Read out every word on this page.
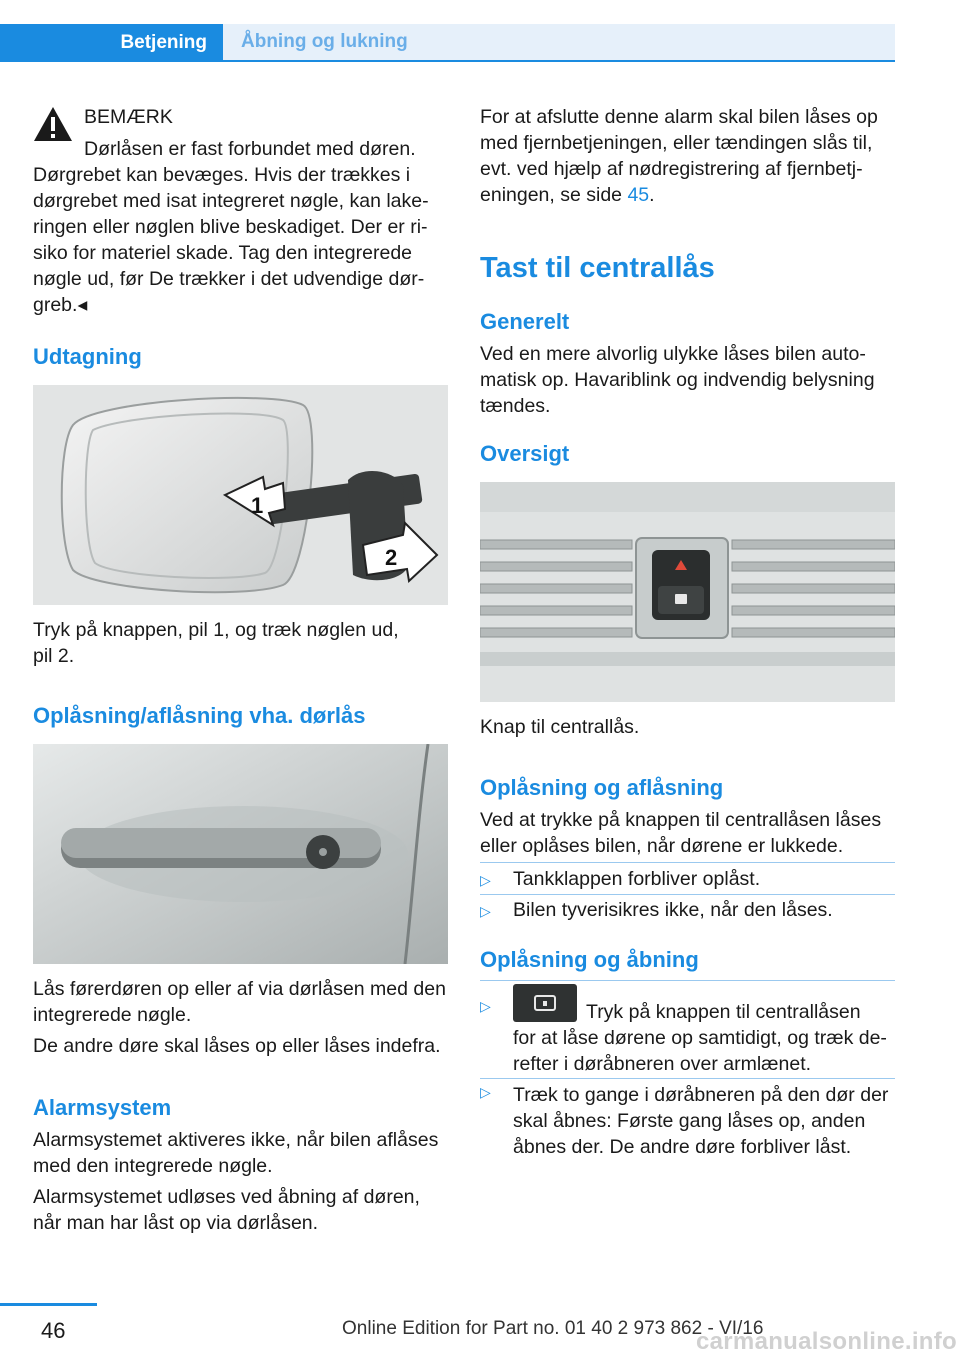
Betjening	Åbning og lukning
BEMÆRK
Dørlåsen er fast forbundet med døren.
Dørgrebet kan bevæges. Hvis der trækkes i
dørgrebet med isat integreret nøgle, kan lake-
ringen eller nøglen blive beskadiget. Der er ri-
siko for materiel skade. Tag den integrerede
nøgle ud, før De trækker i det udvendige dør-
greb.◂
Udtagning
1
2
Tryk på knappen, pil 1, og træk nøglen ud,
pil 2.
Oplåsning/aflåsning vha. dørlås
Lås førerdøren op eller af via dørlåsen med den
integrerede nøgle.
De andre døre skal låses op eller låses indefra.
Alarmsystem
Alarmsystemet aktiveres ikke, når bilen aflåses
med den integrerede nøgle.
Alarmsystemet udløses ved åbning af døren,
når man har låst op via dørlåsen.
For at afslutte denne alarm skal bilen låses op
med fjernbetjeningen, eller tændingen slås til,
evt. ved hjælp af nødregistrering af fjernbetj-
eningen, se side 45.
Tast til centrallås
Generelt
Ved en mere alvorlig ulykke låses bilen auto-
matisk op. Havariblink og indvendig belysning
tændes.
Oversigt
Knap til centrallås.
Oplåsning og aflåsning
Ved at trykke på knappen til centrallåsen låses
eller oplåses bilen, når dørene er lukkede.
▷	Tankklappen forbliver oplåst.
▷	Bilen tyverisikres ikke, når den låses.
Oplåsning og åbning
▷	Tryk på knappen til centrallåsen
for at låse dørene op samtidigt, og træk de-
refter i døråbneren over armlænet.
▷ Træk to gange i døråbneren på den dør der
skal åbnes: Første gang låses op, anden
åbnes der. De andre døre forbliver låst.
46	Online Edition for Part no. 01 40 2 973 862 - VI/16
carmanualsonline.info
